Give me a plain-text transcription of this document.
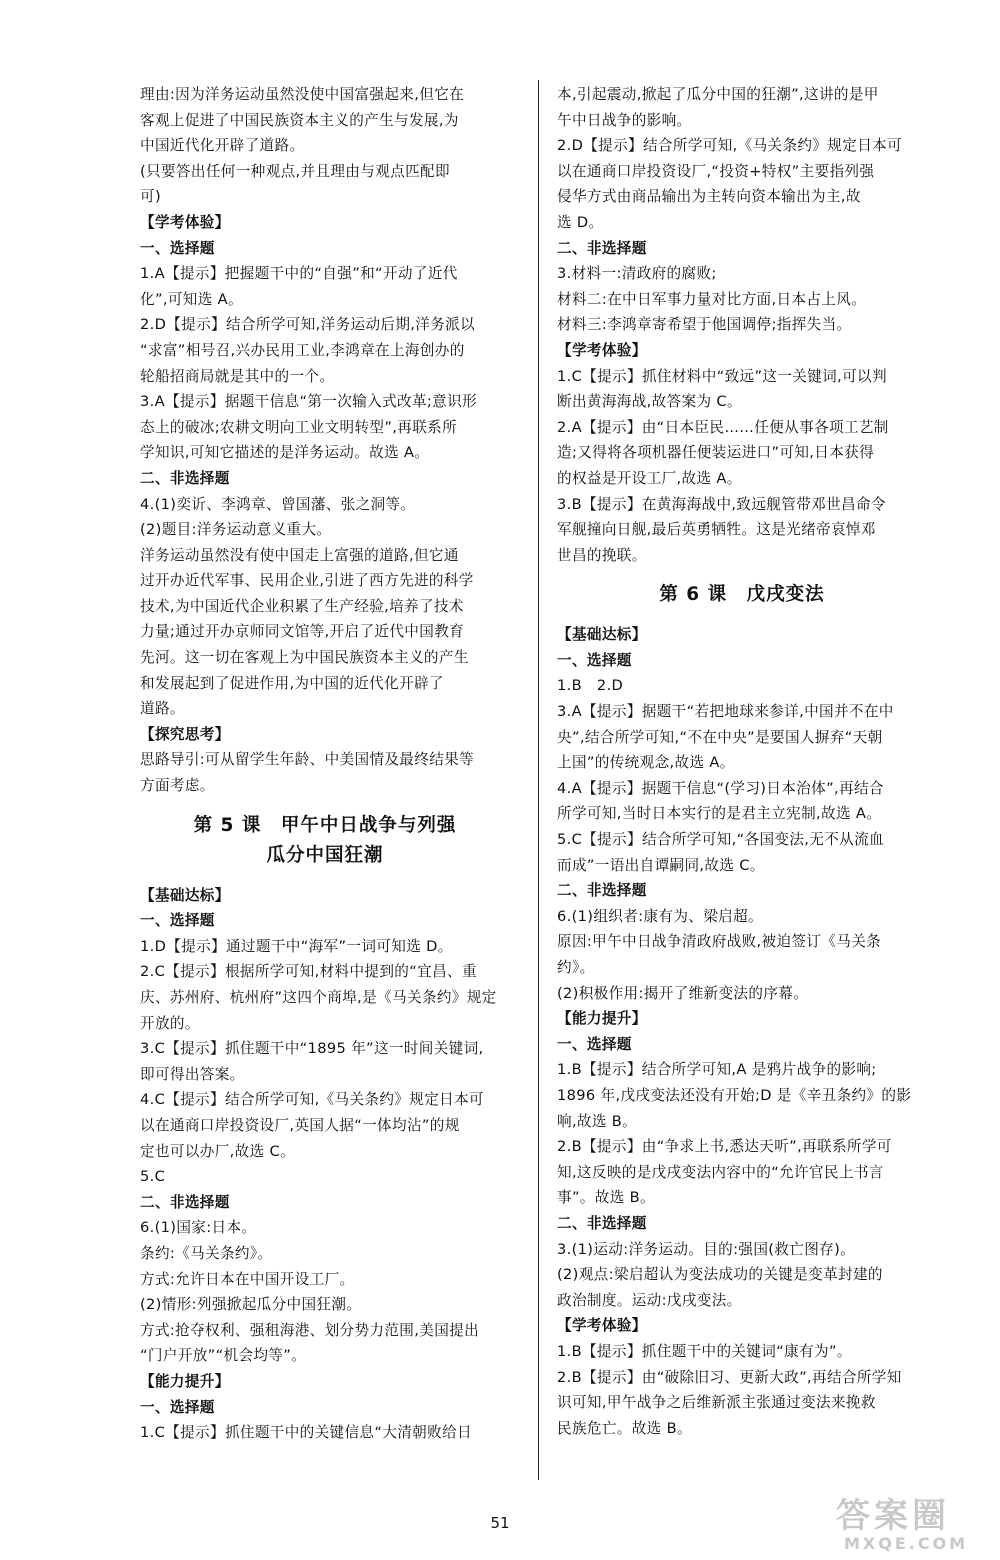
理由:因为洋务运动虽然没使中国富强起来,但它在

客观上促进了中国民族资本主义的产生与发展,为

中国近代化开辟了道路。

(只要答出任何一种观点,并且理由与观点匹配即

可)

【学考体验】

一、选择题

1.A【提示】把握题干中的“自强”和“开动了近代

化”,可知选 A。

2.D【提示】结合所学可知,洋务运动后期,洋务派以

“求富”相号召,兴办民用工业,李鸿章在上海创办的

轮船招商局就是其中的一个。

3.A【提示】据题干信息“第一次输入式改革;意识形

态上的破冰;农耕文明向工业文明转型”,再联系所

学知识,可知它描述的是洋务运动。故选 A。

二、非选择题

4.(1)奕䜣、李鸿章、曾国藩、张之洞等。

(2)题目:洋务运动意义重大。

洋务运动虽然没有使中国走上富强的道路,但它通

过开办近代军事、民用企业,引进了西方先进的科学

技术,为中国近代企业积累了生产经验,培养了技术

力量;通过开办京师同文馆等,开启了近代中国教育

先河。这一切在客观上为中国民族资本主义的产生

和发展起到了促进作用,为中国的近代化开辟了

道路。

【探究思考】

思路导引:可从留学生年龄、中美国情及最终结果等

方面考虑。

第 5 课　甲午中日战争与列强
瓜分中国狂潮

【基础达标】

一、选择题

1.D【提示】通过题干中“海军”一词可知选 D。

2.C【提示】根据所学可知,材料中提到的“宜昌、重

庆、苏州府、杭州府”这四个商埠,是《马关条约》规定

开放的。

3.C【提示】抓住题干中“1895 年”这一时间关键词,

即可得出答案。

4.C【提示】结合所学可知,《马关条约》规定日本可

以在通商口岸投资设厂,英国人据“一体均沾”的规

定也可以办厂,故选 C。

5.C

二、非选择题

6.(1)国家:日本。

条约:《马关条约》。

方式:允许日本在中国开设工厂。

(2)情形:列强掀起瓜分中国狂潮。

方式:抢夺权利、强租海港、划分势力范围,美国提出

“门户开放”“机会均等”。

【能力提升】

一、选择题

1.C【提示】抓住题干中的关键信息“大清朝败给日

本,引起震动,掀起了瓜分中国的狂潮”,这讲的是甲

午中日战争的影响。

2.D【提示】结合所学可知,《马关条约》规定日本可

以在通商口岸投资设厂,“投资+特权”主要指列强

侵华方式由商品输出为主转向资本输出为主,故

选 D。

二、非选择题

3.材料一:清政府的腐败;

材料二:在中日军事力量对比方面,日本占上风。

材料三:李鸿章寄希望于他国调停;指挥失当。

【学考体验】

1.C【提示】抓住材料中“致远”这一关键词,可以判

断出黄海海战,故答案为 C。

2.A【提示】由“日本臣民……任便从事各项工艺制

造;又得将各项机器任便装运进口”可知,日本获得

的权益是开设工厂,故选 A。

3.B【提示】在黄海海战中,致远舰管带邓世昌命令

军舰撞向日舰,最后英勇牺牲。这是光绪帝哀悼邓

世昌的挽联。

第 6 课　戊戌变法

【基础达标】

一、选择题

1.B　2.D

3.A【提示】据题干“若把地球来参详,中国并不在中

央”,结合所学可知,“不在中央”是要国人摒弃“天朝

上国”的传统观念,故选 A。

4.A【提示】据题干信息“(学习)日本治体”,再结合

所学可知,当时日本实行的是君主立宪制,故选 A。

5.C【提示】结合所学可知,“各国变法,无不从流血

而成”一语出自谭嗣同,故选 C。

二、非选择题

6.(1)组织者:康有为、梁启超。

原因:甲午中日战争清政府战败,被迫签订《马关条

约》。

(2)积极作用:揭开了维新变法的序幕。

【能力提升】

一、选择题

1.B【提示】结合所学可知,A 是鸦片战争的影响;

1896 年,戊戌变法还没有开始;D 是《辛丑条约》的影

响,故选 B。

2.B【提示】由“争求上书,悉达天听”,再联系所学可

知,这反映的是戊戌变法内容中的“允许官民上书言

事”。故选 B。

二、非选择题

3.(1)运动:洋务运动。目的:强国(救亡图存)。

(2)观点:梁启超认为变法成功的关键是变革封建的

政治制度。运动:戊戌变法。

【学考体验】

1.B【提示】抓住题干中的关键词“康有为”。

2.B【提示】由“破除旧习、更新大政”,再结合所学知

识可知,甲午战争之后维新派主张通过变法来挽救

民族危亡。故选 B。

51	答案圈
MXQE.COM
